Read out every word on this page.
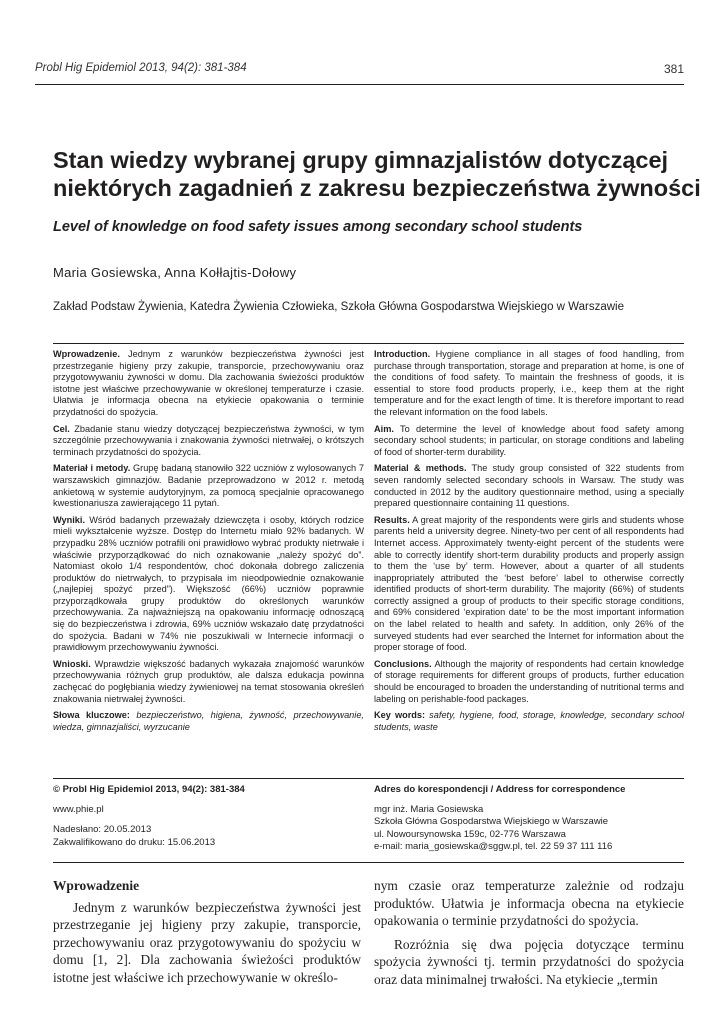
Probl Hig Epidemiol 2013, 94(2): 381-384	381
Stan wiedzy wybranej grupy gimnazjalistów dotyczącej
niektórych zagadnień z zakresu bezpieczeństwa żywności
Level of knowledge on food safety issues among secondary school students
Maria Gosiewska, Anna Kołłajtis-Dołowy
Zakład Podstaw Żywienia, Katedra Żywienia Człowieka, Szkoła Główna Gospodarstwa Wiejskiego w Warszawie

Wprowadzenie. Jednym z warunków bezpieczeństwa żywności jest przestrzeganie higieny przy zakupie, transporcie, przechowywaniu oraz przygotowywaniu żywności w domu. Dla zachowania świeżości produktów istotne jest właściwe przechowywanie w określonej temperaturze i czasie. Ułatwia je informacja obecna na etykiecie opakowania o terminie przydatności do spożycia.

Cel. Zbadanie stanu wiedzy dotyczącej bezpieczeństwa żywności, w tym szczególnie przechowywania i znakowania żywności nietrwałej, o krótszych terminach przydatności do spożycia.

Materiał i metody. Grupę badaną stanowiło 322 uczniów z wylosowanych 7 warszawskich gimnazjów. Badanie przeprowadzono w 2012 r. metodą ankietową w systemie audytoryjnym, za pomocą specjalnie opracowanego kwestionariusza zawierającego 11 pytań.

Wyniki. Wśród badanych przeważały dziewczęta i osoby, których rodzice mieli wykształcenie wyższe. Dostęp do Internetu miało 92% badanych. W przypadku 28% uczniów potrafili oni prawidłowo wybrać produkty nietrwałe i właściwie przyporządkować do nich oznakowanie „należy spożyć do”. Natomiast około 1/4 respondentów, choć dokonała dobrego zaliczenia produktów do nietrwałych, to przypisała im nieodpowiednie oznakowanie („najlepiej spożyć przed”). Większość (66%) uczniów poprawnie przyporządkowała grupy produktów do określonych warunków przechowywania. Za najważniejszą na opakowaniu informację odnoszącą się do bezpieczeństwa i zdrowia, 69% uczniów wskazało datę przydatności do spożycia. Badani w 74% nie poszukiwali w Internecie informacji o prawidłowym przechowywaniu żywności.

Wnioski. Wprawdzie większość badanych wykazała znajomość warunków przechowywania różnych grup produktów, ale dalsza edukacja powinna zachęcać do pogłębiania wiedzy żywieniowej na temat stosowania określeń znakowania nietrwałej żywności.

Słowa kluczowe: bezpieczeństwo, higiena, żywność, przechowywanie, wiedza, gimnazjaliści, wyrzucanie

Introduction. Hygiene compliance in all stages of food handling, from purchase through transportation, storage and preparation at home, is one of the conditions of food safety. To maintain the freshness of goods, it is essential to store food products properly, i.e., keep them at the right temperature and for the exact length of time. It is therefore important to read the relevant information on the food labels.

Aim. To determine the level of knowledge about food safety among secondary school students; in particular, on storage conditions and labeling of food of shorter-term durability.

Material & methods. The study group consisted of 322 students from seven randomly selected secondary schools in Warsaw. The study was conducted in 2012 by the auditory questionnaire method, using a specially prepared questionnaire containing 11 questions.

Results. A great majority of the respondents were girls and students whose parents held a university degree. Ninety-two per cent of all respondents had Internet access. Approximately twenty-eight percent of the students were able to correctly identify short-term durability products and properly assign to them the ‘use by’ term. However, about a quarter of all students inappropriately attributed the ‘best before’ label to otherwise correctly identified products of short-term durability. The majority (66%) of students correctly assigned a group of products to their specific storage conditions, and 69% considered ‘expiration date’ to be the most important information on the label related to health and safety. In addition, only 26% of the surveyed students had ever searched the Internet for information about the proper storage of food.

Conclusions. Although the majority of respondents had certain knowledge of storage requirements for different groups of products, further education should be encouraged to broaden the understanding of nutritional terms and labeling on perishable-food packages.

Key words: safety, hygiene, food, storage, knowledge, secondary school students, waste

© Probl Hig Epidemiol 2013, 94(2): 381-384
www.phie.pl
Nadesłano: 20.05.2013
Zakwalifikowano do druku: 15.06.2013
Adres do korespondencji / Address for correspondence
mgr inż. Maria Gosiewska
Szkoła Główna Gospodarstwa Wiejskiego w Warszawie
ul. Nowoursynowska 159c, 02-776 Warszawa
e-mail: maria_gosiewska@sggw.pl, tel. 22 59 37 111 116
Wprowadzenie

Jednym z warunków bezpieczeństwa żywności jest przestrzeganie jej higieny przy zakupie, transporcie, przechowywaniu oraz przygotowywaniu do spożyciu w domu [1, 2]. Dla zachowania świeżości produktów istotne jest właściwe ich przechowywanie w określo-

nym czasie oraz temperaturze zależnie od rodzaju produktów. Ułatwia je informacja obecna na etykiecie opakowania o terminie przydatności do spożycia.

Rozróżnia się dwa pojęcia dotyczące terminu spożycia żywności tj. termin przydatności do spożycia oraz data minimalnej trwałości. Na etykiecie „termin
